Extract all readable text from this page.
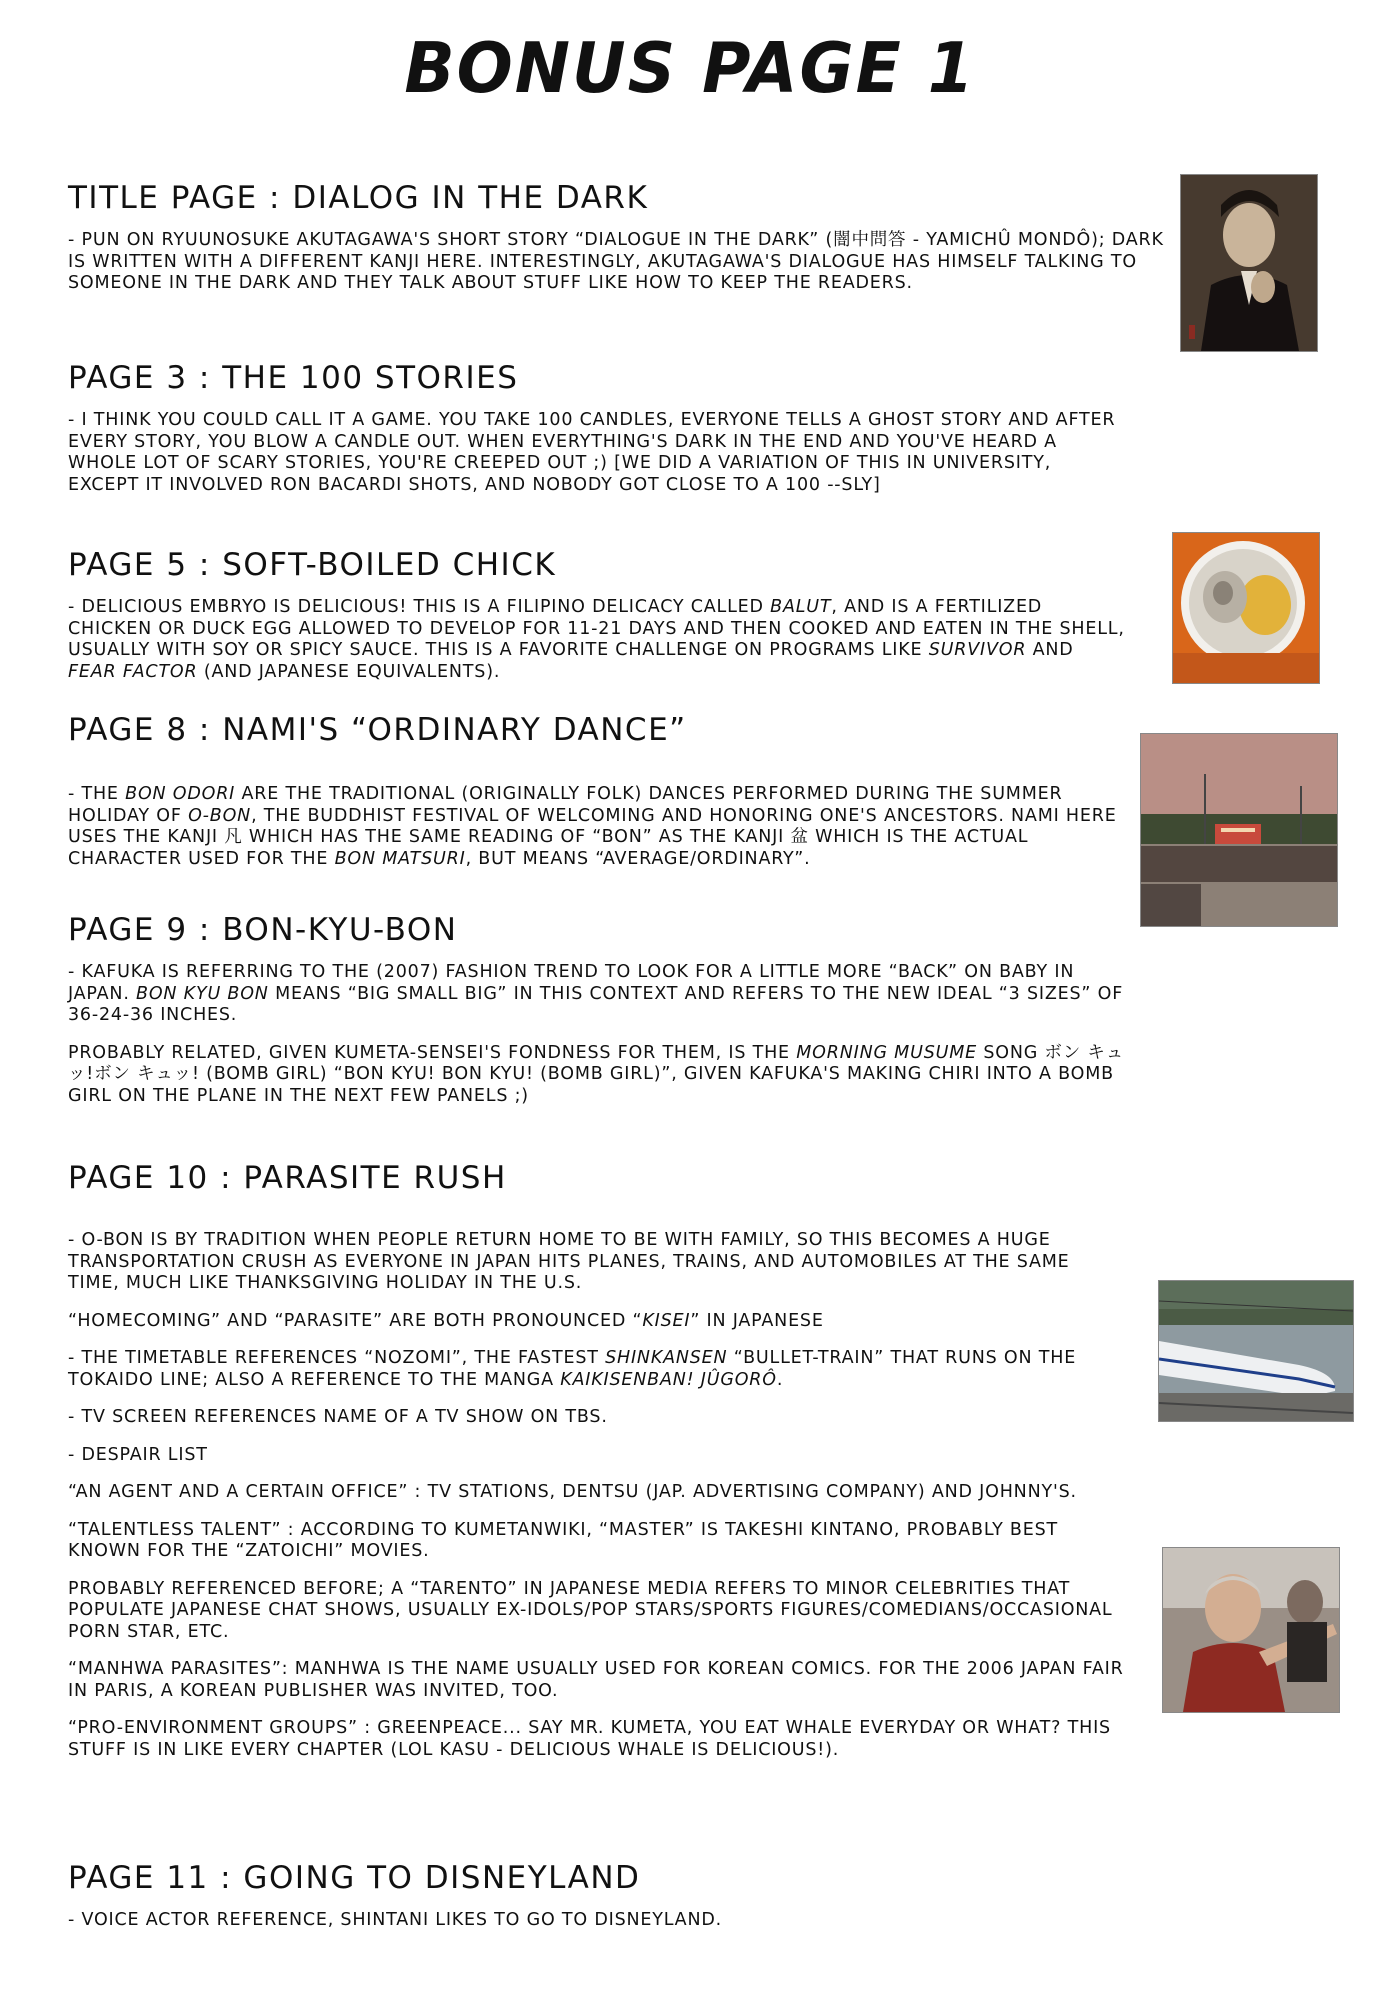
BONUS PAGE 1
TITLE PAGE : DIALOG IN THE DARK

- PUN ON RYUUNOSUKE AKUTAGAWA'S SHORT STORY “DIALOGUE IN THE DARK” (闇中問答 - YAMICHÛ MONDÔ); DARK IS WRITTEN WITH A DIFFERENT KANJI HERE. INTERESTINGLY, AKUTAGAWA'S DIALOGUE HAS HIMSELF TALKING TO SOMEONE IN THE DARK AND THEY TALK ABOUT STUFF LIKE HOW TO KEEP THE READERS.

PAGE 3 : THE 100 STORIES

- I THINK YOU COULD CALL IT A GAME. YOU TAKE 100 CANDLES, EVERYONE TELLS A GHOST STORY AND AFTER EVERY STORY, YOU BLOW A CANDLE OUT. WHEN EVERYTHING'S DARK IN THE END AND YOU'VE HEARD A WHOLE LOT OF SCARY STORIES, YOU'RE CREEPED OUT ;) [WE DID A VARIATION OF THIS IN UNIVERSITY, EXCEPT IT INVOLVED RON BACARDI SHOTS, AND NOBODY GOT CLOSE TO A 100 --SLY]

PAGE 5 : SOFT-BOILED CHICK

- DELICIOUS EMBRYO IS DELICIOUS! THIS IS A FILIPINO DELICACY CALLED BALUT, AND IS A FERTILIZED CHICKEN OR DUCK EGG ALLOWED TO DEVELOP FOR 11-21 DAYS AND THEN COOKED AND EATEN IN THE SHELL, USUALLY WITH SOY OR SPICY SAUCE. THIS IS A FAVORITE CHALLENGE ON PROGRAMS LIKE SURVIVOR AND FEAR FACTOR (AND JAPANESE EQUIVALENTS).

PAGE 8 : NAMI'S “ORDINARY DANCE”

- THE BON ODORI ARE THE TRADITIONAL (ORIGINALLY FOLK) DANCES PERFORMED DURING THE SUMMER HOLIDAY OF O-BON, THE BUDDHIST FESTIVAL OF WELCOMING AND HONORING ONE'S ANCESTORS. NAMI HERE USES THE KANJI 凡 WHICH HAS THE SAME READING OF “BON” AS THE KANJI 盆 WHICH IS THE ACTUAL CHARACTER USED FOR THE BON MATSURI, BUT MEANS “AVERAGE/ORDINARY”.

PAGE 9 : BON-KYU-BON

- KAFUKA IS REFERRING TO THE (2007) FASHION TREND TO LOOK FOR A LITTLE MORE “BACK” ON BABY IN JAPAN. BON KYU BON MEANS “BIG SMALL BIG” IN THIS CONTEXT AND REFERS TO THE NEW IDEAL “3 SIZES” OF 36-24-36 INCHES.

PROBABLY RELATED, GIVEN KUMETA-SENSEI'S FONDNESS FOR THEM, IS THE MORNING MUSUME SONG ボン キュッ!ボン キュッ! (BOMB GIRL) “BON KYU! BON KYU! (BOMB GIRL)”, GIVEN KAFUKA'S MAKING CHIRI INTO A BOMB GIRL ON THE PLANE IN THE NEXT FEW PANELS ;)

PAGE 10 : PARASITE RUSH

- O-BON IS BY TRADITION WHEN PEOPLE RETURN HOME TO BE WITH FAMILY, SO THIS BECOMES A HUGE TRANSPORTATION CRUSH AS EVERYONE IN JAPAN HITS PLANES, TRAINS, AND AUTOMOBILES AT THE SAME TIME, MUCH LIKE THANKSGIVING HOLIDAY IN THE U.S.

“HOMECOMING” AND “PARASITE” ARE BOTH PRONOUNCED “KISEI” IN JAPANESE

- THE TIMETABLE REFERENCES “NOZOMI”, THE FASTEST SHINKANSEN “BULLET-TRAIN” THAT RUNS ON THE TOKAIDO LINE; ALSO A REFERENCE TO THE MANGA KAIKISENBAN! JÛGORÔ.

- TV SCREEN REFERENCES NAME OF A TV SHOW ON TBS.

- DESPAIR LIST

“AN AGENT AND A CERTAIN OFFICE” : TV STATIONS, DENTSU (JAP. ADVERTISING COMPANY) AND JOHNNY'S.

“TALENTLESS TALENT” : ACCORDING TO KUMETANWIKI, “MASTER” IS TAKESHI KINTANO, PROBABLY BEST KNOWN FOR THE “ZATOICHI” MOVIES.

PROBABLY REFERENCED BEFORE; A “TARENTO” IN JAPANESE MEDIA REFERS TO MINOR CELEBRITIES THAT POPULATE JAPANESE CHAT SHOWS, USUALLY EX-IDOLS/POP STARS/SPORTS FIGURES/COMEDIANS/OCCASIONAL PORN STAR, ETC.

“MANHWA PARASITES”: MANHWA IS THE NAME USUALLY USED FOR KOREAN COMICS. FOR THE 2006 JAPAN FAIR IN PARIS, A KOREAN PUBLISHER WAS INVITED, TOO.

“PRO-ENVIRONMENT GROUPS” : GREENPEACE... SAY MR. KUMETA, YOU EAT WHALE EVERYDAY OR WHAT? THIS STUFF IS IN LIKE EVERY CHAPTER (LOL KASU - DELICIOUS WHALE IS DELICIOUS!).

PAGE 11 : GOING TO DISNEYLAND

- VOICE ACTOR REFERENCE, SHINTANI LIKES TO GO TO DISNEYLAND.
